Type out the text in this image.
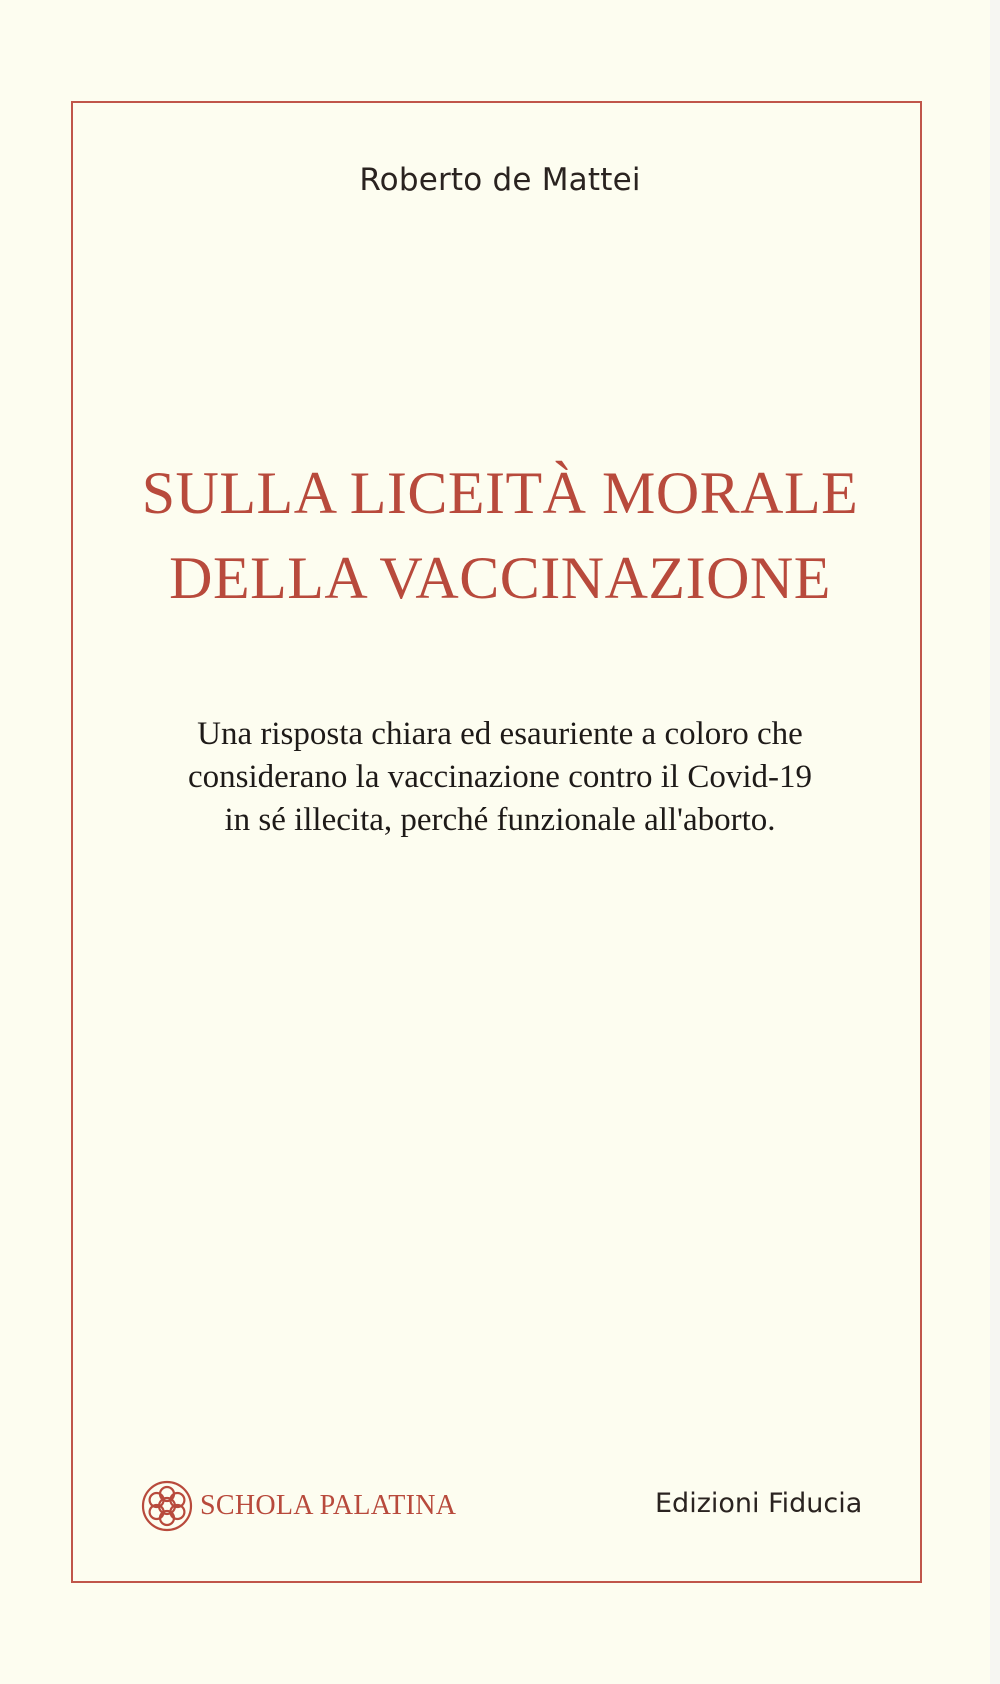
Roberto de Mattei
SULLA LICEITÀ MORALE
DELLA VACCINAZIONE
Una risposta chiara ed esauriente a coloro che
considerano la vaccinazione contro il Covid-19
in sé illecita, perché funzionale all'aborto.
SCHOLA PALATINA	Edizioni Fiducia
